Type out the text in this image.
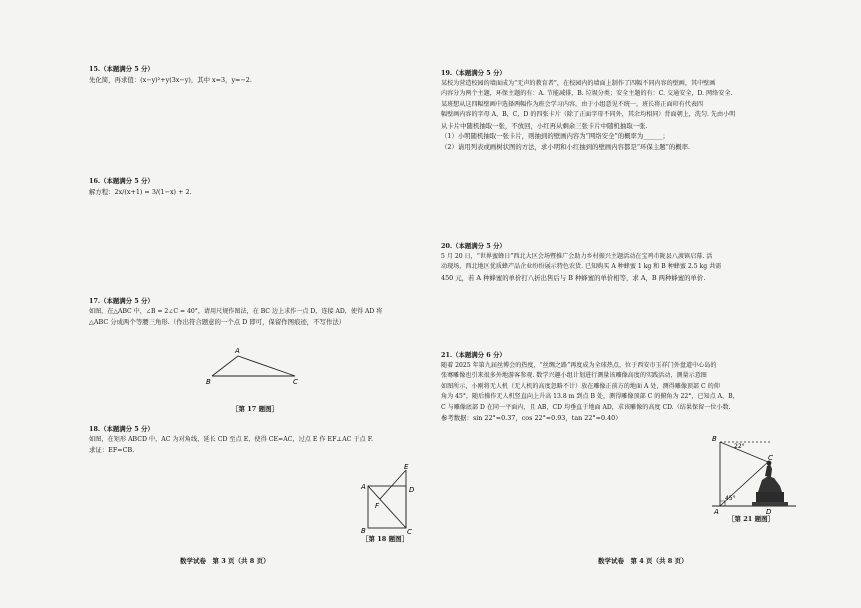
15.（本题满分 5 分）
先化简，再求值：(x−y)²+y(3x−y)，其中 x=3，y=−2.
16.（本题满分 5 分）
解方程：2x/(x+1) = 3/(1−x) + 2.
17.（本题满分 5 分）
如图，在△ABC 中，∠B = 2∠C = 40°，请用尺规作图法，在 BC 边上求作一点 D，连接 AD，使得 AD 将
△ABC 分成两个等腰三角形.（作出符合题意的一个点 D 即可，保留作图痕迹，不写作法）
A
B	C
［第 17 题图］
18.（本题满分 5 分）
如图，在矩形 ABCD 中，AC 为对角线，延长 CD 至点 E，使得 CE=AC，过点 E 作 EF⊥AC 于点 F.
求证：EF=CB.
A
B	C
D
E
F
［第 18 题图］
数学试卷　第 3 页（共 8 页）
19.（本题满分 5 分）
某校为营造校园的墙面成为“无声的教育者”，在校园内的墙面上制作了四幅不同内容的壁画，其中壁画
内容分为两个主题，环保主题的有：A. 节能减排，B. 垃圾分类；安全主题的有：C. 交通安全，D. 网络安全.
某班想从这四幅壁画中选择两幅作为班会学习内容，由于小组意见不统一，班长将正面印有代表四
幅壁画内容的字母 A，B，C，D 的四张卡片（除了正面字母不同外，其余均相同）背面朝上，洗匀. 先由小明
从卡片中随机抽取一张，不放回，小红再从剩余三张卡片中随机抽取一张.
（1）小明随机抽取一张卡片，则抽到的壁画内容为“网络安全”的概率为______；
（2）请用列表或画树状图的方法，求小明和小红抽到的壁画内容都是“环保主题”的概率.
20.（本题满分 5 分）
5 月 20 日，“世界蜜蜂日”西北大区会场暨推广会助力乡村振兴主题活动在宝鸡市陇县八渡镇启幕. 活
动现场，西北地区优质蜂产品企业纷纷展示特色农货. 已知购买 A 种蜂蜜 1 kg 和 B 种蜂蜜 2.5 kg 共需
450 元，若 A 种蜂蜜的单价打八折出售后与 B 种蜂蜜的单价相等，求 A，B 两种蜂蜜的单价.
21.（本题满分 6 分）
随着 2025 年第九届丝博会的热度，“丝绸之路”再度成为全球热点，位于西安市玉祥门外盘道中心岛的
张骞雕像也引来很多外地游客参观. 数学兴趣小组计划进行测量该雕像高度的实践活动，测量示意图
如图所示，小刚将无人机（无人机的高度忽略不计）放在雕像正前方的地面 A 处，测得雕像顶部 C 的仰
角为 45°，随后操作无人机竖直向上升高 13.8 m 到点 B 处，测得雕像顶部 C 的俯角为 22°，已知点 A，B，
C 与雕像底部 D 在同一平面内，且 AB，CD 均垂直于地面 AD，求该雕像的高度 CD.（结果保留一位小数.
参考数据：sin 22°≈0.37，cos 22°≈0.93，tan 22°≈0.40）
B
A
C
D
22°
45°
［第 21 题图］
数学试卷　第 4 页（共 8 页）
